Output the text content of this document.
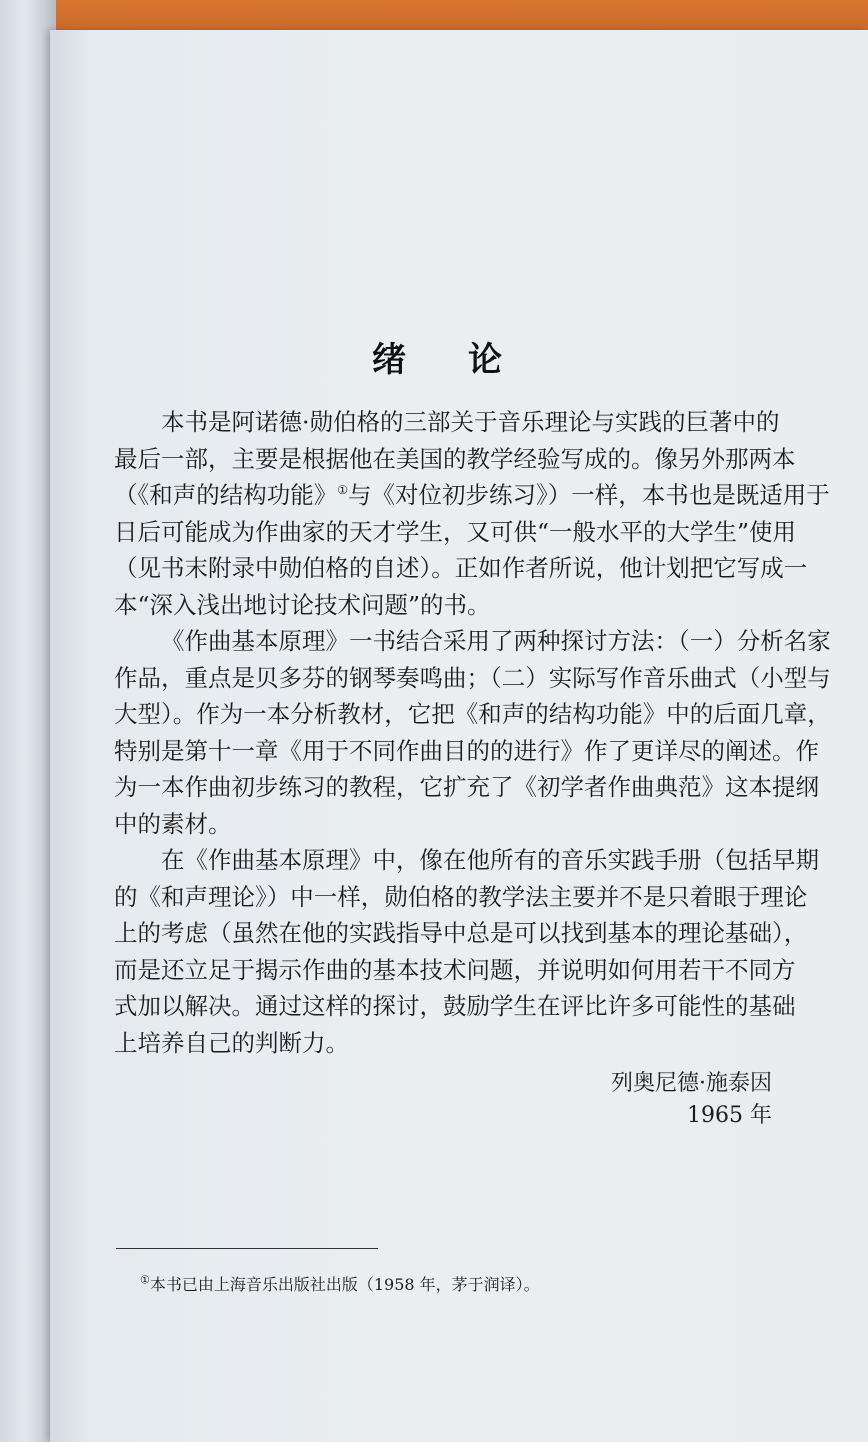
绪论
本书是阿诺德·勋伯格的三部关于音乐理论与实践的巨著中的
最后一部，主要是根据他在美国的教学经验写成的。像另外那两本
（《和声的结构功能》①与《对位初步练习》）一样，本书也是既适用于
日后可能成为作曲家的天才学生，又可供“一般水平的大学生”使用
（见书末附录中勋伯格的自述）。正如作者所说，他计划把它写成一
本“深入浅出地讨论技术问题”的书。
《作曲基本原理》一书结合采用了两种探讨方法：（一）分析名家
作品，重点是贝多芬的钢琴奏鸣曲；（二）实际写作音乐曲式（小型与
大型）。作为一本分析教材，它把《和声的结构功能》中的后面几章，
特别是第十一章《用于不同作曲目的的进行》作了更详尽的阐述。作
为一本作曲初步练习的教程，它扩充了《初学者作曲典范》这本提纲
中的素材。
在《作曲基本原理》中，像在他所有的音乐实践手册（包括早期
的《和声理论》）中一样，勋伯格的教学法主要并不是只着眼于理论
上的考虑（虽然在他的实践指导中总是可以找到基本的理论基础），
而是还立足于揭示作曲的基本技术问题，并说明如何用若干不同方
式加以解决。通过这样的探讨，鼓励学生在评比许多可能性的基础
上培养自己的判断力。
列奥尼德·施泰因
1965 年
①本书已由上海音乐出版社出版（1958 年，茅于润译）。
